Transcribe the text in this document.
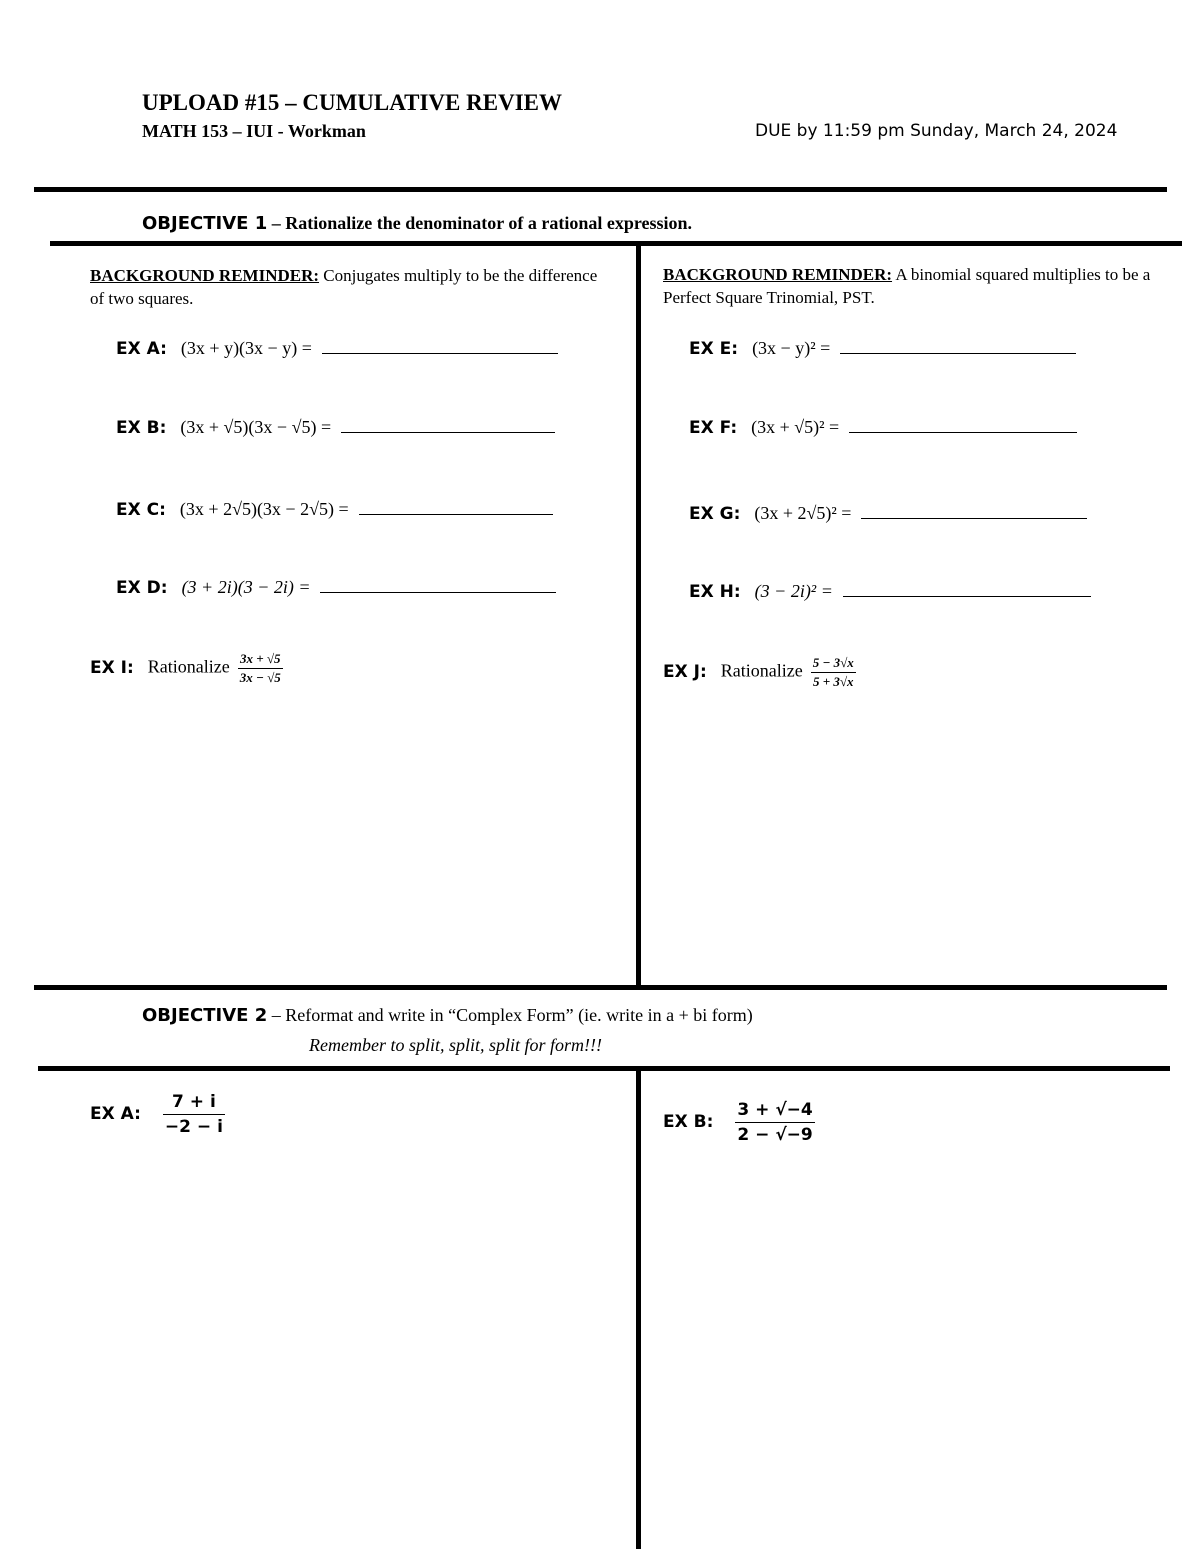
UPLOAD #15 – CUMULATIVE REVIEW
MATH 153 – IUI - Workman	DUE by 11:59 pm Sunday, March 24, 2024
OBJECTIVE 1 – Rationalize the denominator of a rational expression.
BACKGROUND REMINDER: Conjugates multiply to be the difference of two squares.
BACKGROUND REMINDER: A binomial squared multiplies to be a Perfect Square Trinomial, PST.
EX A: (3x + y)(3x − y) =
EX B: (3x + √5)(3x − √5) =
EX C: (3x + 2√5)(3x − 2√5) =
EX D: (3 + 2i)(3 − 2i) =
EX E: (3x − y)² =
EX F: (3x + √5)² =
EX G: (3x + 2√5)² =
EX H: (3 − 2i)² =
EX I: Rationalize $\frac{3x + √5}{3x - √5}$	EX J: Rationalize $\frac{5 - 3√x}{5 + 3√x}$
OBJECTIVE 2 – Reformat and write in “Complex Form” (ie. write in a + bi form)
Remember to split, split, split for form!!!
EX A: $\frac{7 + i}{-2 - i}$	EX B: $\frac{3 + √-4}{2 - √-9}$
